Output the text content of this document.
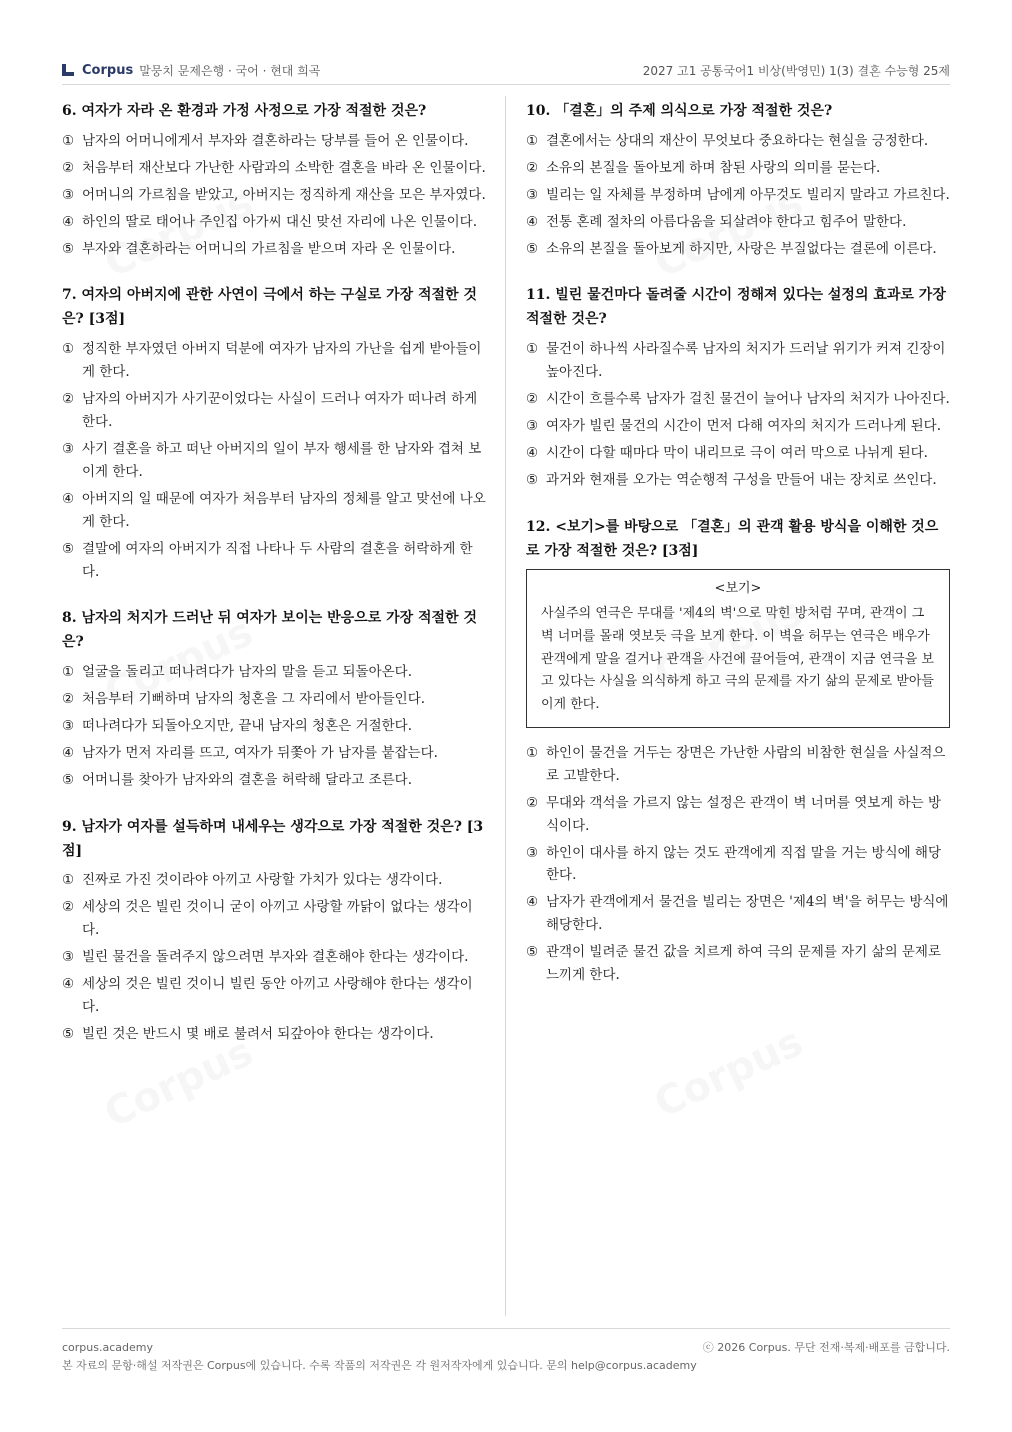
Corpus 말뭉치 문제은행 · 국어 · 현대 희곡	2027 고1 공통국어1 비상(박영민) 1(3) 결혼 수능형 25제
6. 여자가 자라 온 환경과 가정 사정으로 가장 적절한 것은?
① 남자의 어머니에게서 부자와 결혼하라는 당부를 들어 온 인물이다.
② 처음부터 재산보다 가난한 사람과의 소박한 결혼을 바라 온 인물이다.
③ 어머니의 가르침을 받았고, 아버지는 정직하게 재산을 모은 부자였다.
④ 하인의 딸로 태어나 주인집 아가씨 대신 맞선 자리에 나온 인물이다.
⑤ 부자와 결혼하라는 어머니의 가르침을 받으며 자라 온 인물이다.
7. 여자의 아버지에 관한 사연이 극에서 하는 구실로 가장 적절한 것은? [3점]
① 정직한 부자였던 아버지 덕분에 여자가 남자의 가난을 쉽게 받아들이게 한다.
② 남자의 아버지가 사기꾼이었다는 사실이 드러나 여자가 떠나려 하게 한다.
③ 사기 결혼을 하고 떠난 아버지의 일이 부자 행세를 한 남자와 겹쳐 보이게 한다.
④ 아버지의 일 때문에 여자가 처음부터 남자의 정체를 알고 맞선에 나오게 한다.
⑤ 결말에 여자의 아버지가 직접 나타나 두 사람의 결혼을 허락하게 한다.
8. 남자의 처지가 드러난 뒤 여자가 보이는 반응으로 가장 적절한 것은?
① 얼굴을 돌리고 떠나려다가 남자의 말을 듣고 되돌아온다.
② 처음부터 기뻐하며 남자의 청혼을 그 자리에서 받아들인다.
③ 떠나려다가 되돌아오지만, 끝내 남자의 청혼은 거절한다.
④ 남자가 먼저 자리를 뜨고, 여자가 뒤쫓아 가 남자를 붙잡는다.
⑤ 어머니를 찾아가 남자와의 결혼을 허락해 달라고 조른다.
9. 남자가 여자를 설득하며 내세우는 생각으로 가장 적절한 것은? [3점]
① 진짜로 가진 것이라야 아끼고 사랑할 가치가 있다는 생각이다.
② 세상의 것은 빌린 것이니 굳이 아끼고 사랑할 까닭이 없다는 생각이다.
③ 빌린 물건을 돌려주지 않으려면 부자와 결혼해야 한다는 생각이다.
④ 세상의 것은 빌린 것이니 빌린 동안 아끼고 사랑해야 한다는 생각이다.
⑤ 빌린 것은 반드시 몇 배로 불려서 되갚아야 한다는 생각이다.
10. 「결혼」의 주제 의식으로 가장 적절한 것은?
① 결혼에서는 상대의 재산이 무엇보다 중요하다는 현실을 긍정한다.
② 소유의 본질을 돌아보게 하며 참된 사랑의 의미를 묻는다.
③ 빌리는 일 자체를 부정하며 남에게 아무것도 빌리지 말라고 가르친다.
④ 전통 혼례 절차의 아름다움을 되살려야 한다고 힘주어 말한다.
⑤ 소유의 본질을 돌아보게 하지만, 사랑은 부질없다는 결론에 이른다.
11. 빌린 물건마다 돌려줄 시간이 정해져 있다는 설정의 효과로 가장 적절한 것은?
① 물건이 하나씩 사라질수록 남자의 처지가 드러날 위기가 커져 긴장이 높아진다.
② 시간이 흐를수록 남자가 걸친 물건이 늘어나 남자의 처지가 나아진다.
③ 여자가 빌린 물건의 시간이 먼저 다해 여자의 처지가 드러나게 된다.
④ 시간이 다할 때마다 막이 내리므로 극이 여러 막으로 나뉘게 된다.
⑤ 과거와 현재를 오가는 역순행적 구성을 만들어 내는 장치로 쓰인다.
12. <보기>를 바탕으로 「결혼」의 관객 활용 방식을 이해한 것으로 가장 적절한 것은? [3점]
<보기>
사실주의 연극은 무대를 '제4의 벽'으로 막힌 방처럼 꾸며, 관객이 그 벽 너머를 몰래 엿보듯 극을 보게 한다. 이 벽을 허무는 연극은 배우가 관객에게 말을 걸거나 관객을 사건에 끌어들여, 관객이 지금 연극을 보고 있다는 사실을 의식하게 하고 극의 문제를 자기 삶의 문제로 받아들이게 한다.
① 하인이 물건을 거두는 장면은 가난한 사람의 비참한 현실을 사실적으로 고발한다.
② 무대와 객석을 가르지 않는 설정은 관객이 벽 너머를 엿보게 하는 방식이다.
③ 하인이 대사를 하지 않는 것도 관객에게 직접 말을 거는 방식에 해당한다.
④ 남자가 관객에게서 물건을 빌리는 장면은 '제4의 벽'을 허무는 방식에 해당한다.
⑤ 관객이 빌려준 물건 값을 치르게 하여 극의 문제를 자기 삶의 문제로 느끼게 한다.
corpus.academy	ⓒ 2026 Corpus. 무단 전재·복제·배포를 금합니다.
본 자료의 문항·해설 저작권은 Corpus에 있습니다. 수록 작품의 저작권은 각 원저작자에게 있습니다. 문의 help@corpus.academy
